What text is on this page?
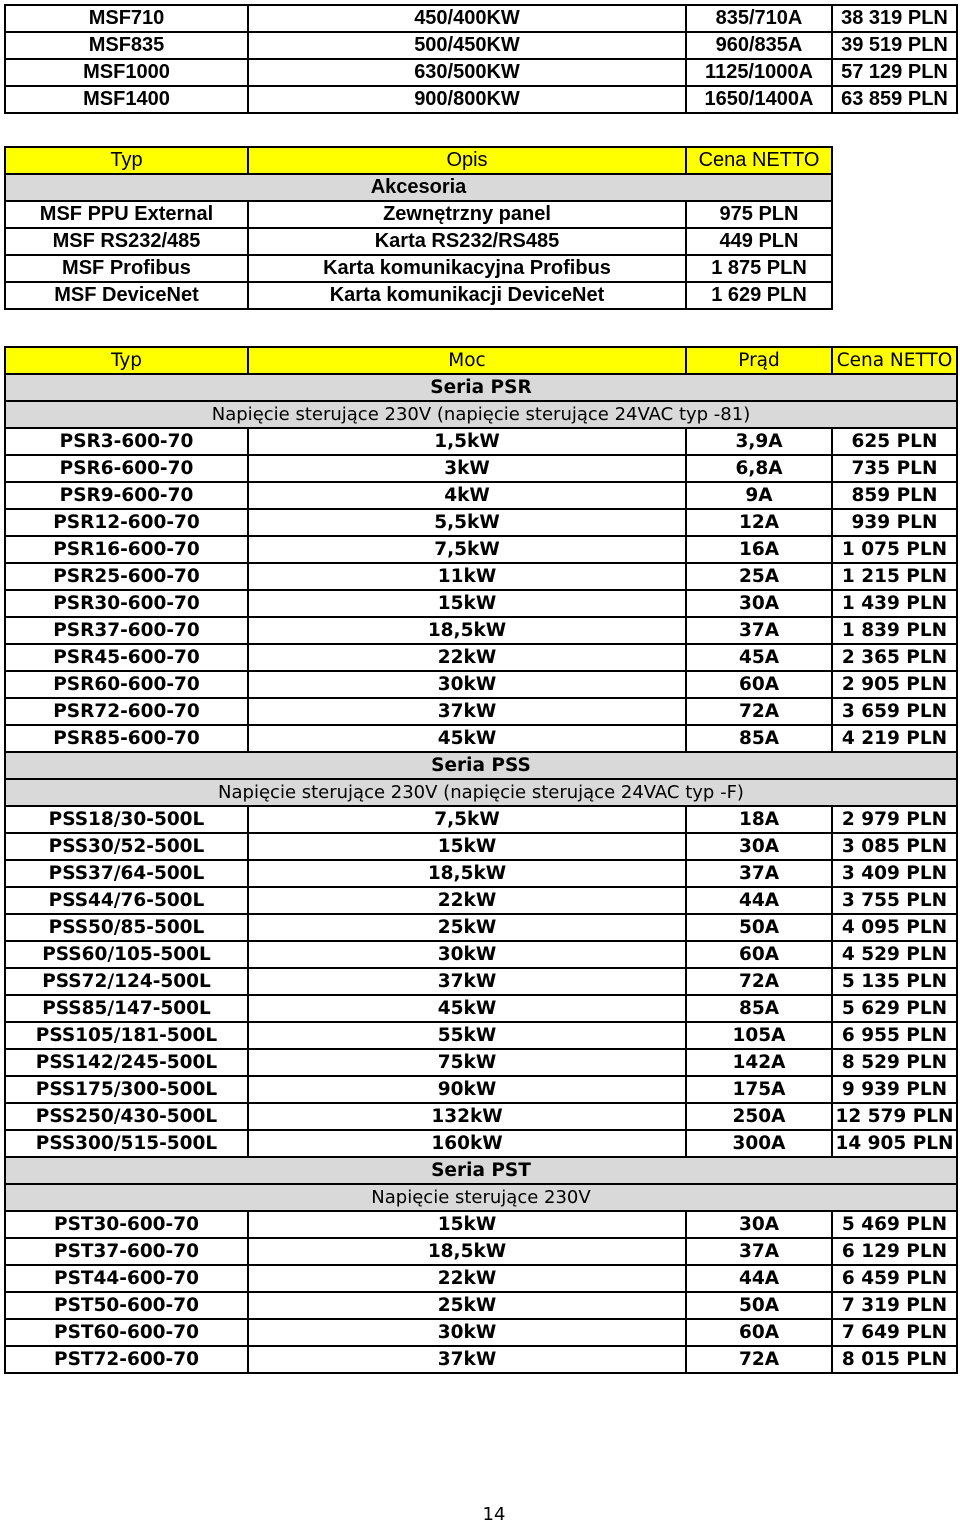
MSF710	450/400KW	835/710A	38 319 PLN
MSF835	500/450KW	960/835A	39 519 PLN
MSF1000	630/500KW	1125/1000A	57 129 PLN
MSF1400	900/800KW	1650/1400A	63 859 PLN
Typ	Opis	Cena NETTO
Akcesoria		
MSF PPU External	Zewnętrzny panel	975 PLN
MSF RS232/485	Karta RS232/RS485	449 PLN
MSF Profibus	Karta komunikacyjna Profibus	1 875 PLN
MSF DeviceNet	Karta komunikacji DeviceNet	1 629 PLN
Typ	Moc	Prąd	Cena NETTO
Seria PSR			
Napięcie sterujące 230V (napięcie sterujące 24VAC typ -81)			
PSR3-600-70	1,5kW	3,9A	625 PLN
PSR6-600-70	3kW	6,8A	735 PLN
PSR9-600-70	4kW	9A	859 PLN
PSR12-600-70	5,5kW	12A	939 PLN
PSR16-600-70	7,5kW	16A	1 075 PLN
PSR25-600-70	11kW	25A	1 215 PLN
PSR30-600-70	15kW	30A	1 439 PLN
PSR37-600-70	18,5kW	37A	1 839 PLN
PSR45-600-70	22kW	45A	2 365 PLN
PSR60-600-70	30kW	60A	2 905 PLN
PSR72-600-70	37kW	72A	3 659 PLN
PSR85-600-70	45kW	85A	4 219 PLN
Seria PSS			
Napięcie sterujące 230V (napięcie sterujące 24VAC typ -F)			
PSS18/30-500L	7,5kW	18A	2 979 PLN
PSS30/52-500L	15kW	30A	3 085 PLN
PSS37/64-500L	18,5kW	37A	3 409 PLN
PSS44/76-500L	22kW	44A	3 755 PLN
PSS50/85-500L	25kW	50A	4 095 PLN
PSS60/105-500L	30kW	60A	4 529 PLN
PSS72/124-500L	37kW	72A	5 135 PLN
PSS85/147-500L	45kW	85A	5 629 PLN
PSS105/181-500L	55kW	105A	6 955 PLN
PSS142/245-500L	75kW	142A	8 529 PLN
PSS175/300-500L	90kW	175A	9 939 PLN
PSS250/430-500L	132kW	250A	12 579 PLN
PSS300/515-500L	160kW	300A	14 905 PLN
Seria PST			
Napięcie sterujące 230V			
PST30-600-70	15kW	30A	5 469 PLN
PST37-600-70	18,5kW	37A	6 129 PLN
PST44-600-70	22kW	44A	6 459 PLN
PST50-600-70	25kW	50A	7 319 PLN
PST60-600-70	30kW	60A	7 649 PLN
PST72-600-70	37kW	72A	8 015 PLN
14
